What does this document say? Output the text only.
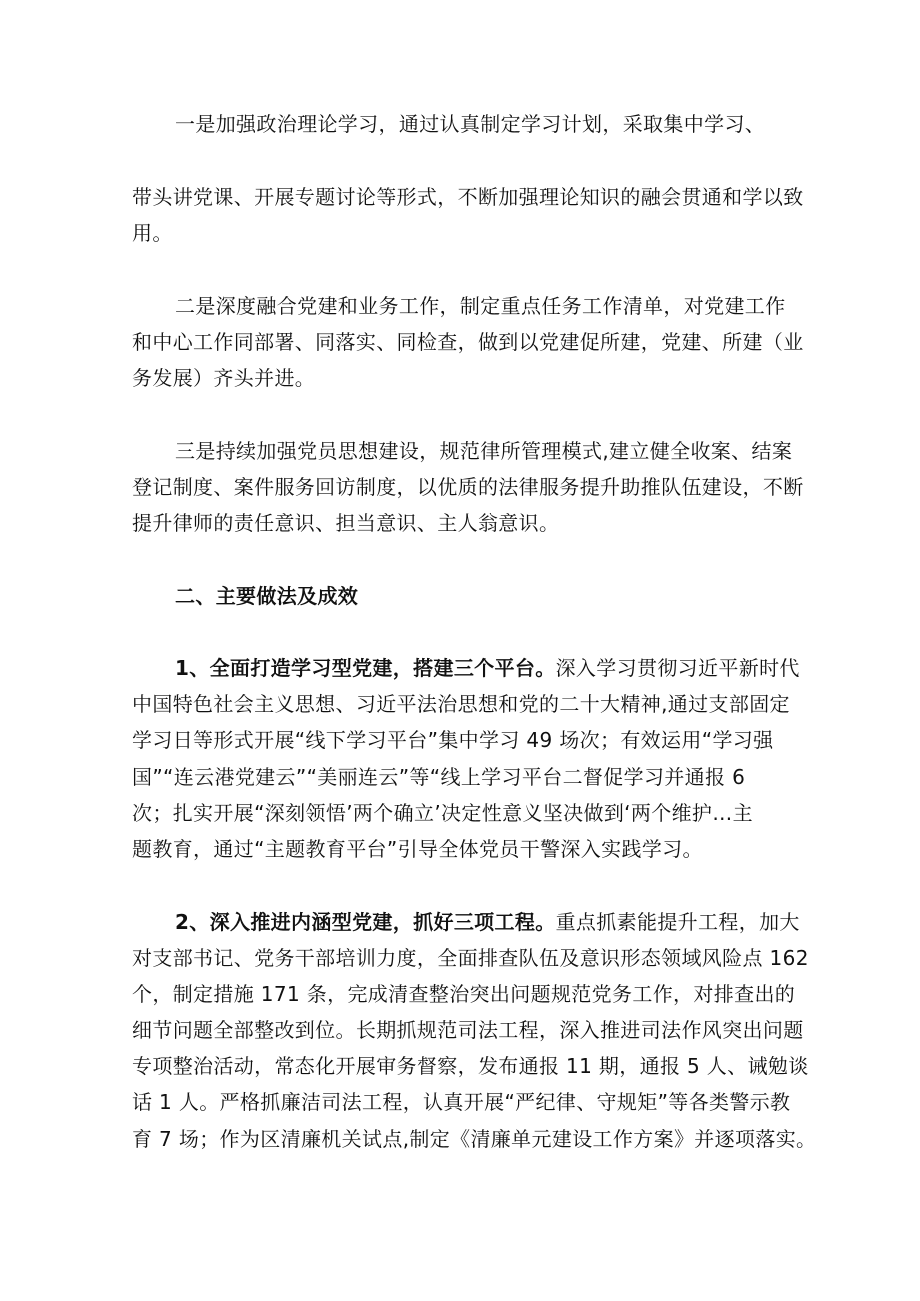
一是加强政治理论学习，通过认真制定学习计划，采取集中学习、
带头讲党课、开展专题讨论等形式，不断加强理论知识的融会贯通和学以致
用。
二是深度融合党建和业务工作，制定重点任务工作清单，对党建工作
和中心工作同部署、同落实、同检查，做到以党建促所建，党建、所建（业
务发展）齐头并进。
三是持续加强党员思想建设，规范律所管理模式,建立健全收案、结案
登记制度、案件服务回访制度，以优质的法律服务提升助推队伍建设，不断
提升律师的责任意识、担当意识、主人翁意识。
二、主要做法及成效
1、全面打造学习型党建，搭建三个平台。深入学习贯彻习近平新时代
中国特色社会主义思想、习近平法治思想和党的二十大精神,通过支部固定
学习日等形式开展“线下学习平台”集中学习 49 场次；有效运用“学习强
国”“连云港党建云”“美丽连云”等“线上学习平台二督促学习并通报 6
次；扎实开展“深刻领悟’两个确立’决定性意义坚决做到‘两个维护…主
题教育，通过“主题教育平台”引导全体党员干警深入实践学习。
2、深入推进内涵型党建，抓好三项工程。重点抓素能提升工程，加大
对支部书记、党务干部培训力度，全面排查队伍及意识形态领域风险点 162
个，制定措施 171 条，完成清查整治突出问题规范党务工作，对排查出的
细节问题全部整改到位。长期抓规范司法工程，深入推进司法作风突出问题
专项整治活动，常态化开展审务督察，发布通报 11 期，通报 5 人、诫勉谈
话 1 人。严格抓廉洁司法工程，认真开展“严纪律、守规矩”等各类警示教
育 7 场；作为区清廉机关试点,制定《清廉单元建设工作方案》并逐项落实。
